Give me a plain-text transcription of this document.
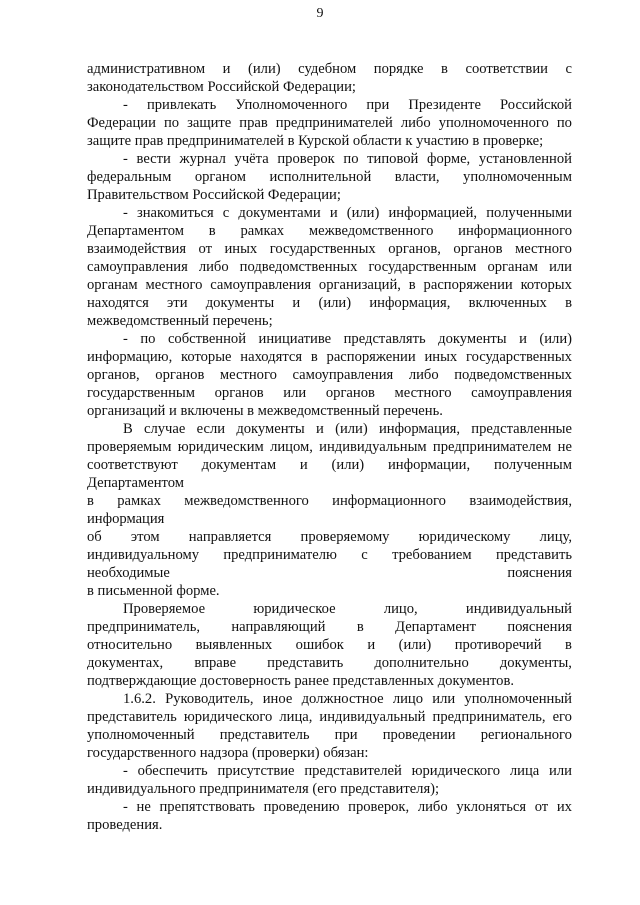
9
административном и (или) судебном порядке в соответствии с
законодательством Российской Федерации;
- привлекать Уполномоченного при Президенте Российской
Федерации по защите прав предпринимателей либо уполномоченного по
защите прав предпринимателей в Курской области к участию в проверке;
- вести журнал учёта проверок по типовой форме, установленной
федеральным органом исполнительной власти, уполномоченным
Правительством Российской Федерации;
- знакомиться с документами и (или) информацией, полученными
Департаментом в рамках межведомственного информационного
взаимодействия от иных государственных органов, органов местного
самоуправления либо подведомственных государственным органам или
органам местного самоуправления организаций, в распоряжении которых
находятся эти документы и (или) информация, включенных в
межведомственный перечень;
- по собственной инициативе представлять документы и (или)
информацию, которые находятся в распоряжении иных государственных
органов, органов местного самоуправления либо подведомственных
государственным органов или органов местного самоуправления
организаций и включены в межведомственный перечень.
В случае если документы и (или) информация, представленные
проверяемым юридическим лицом, индивидуальным предпринимателем не
соответствуют документам и (или) информации, полученным
Департаментом
в рамках межведомственного информационного взаимодействия,
информация
об этом направляется проверяемому юридическому лицу,
индивидуальному предпринимателю с требованием представить
необходимые	пояснения
в письменной форме.
Проверяемое	юридическое	лицо,	индивидуальный
предприниматель, направляющий в Департамент пояснения
относительно выявленных ошибок и (или) противоречий в
документах, вправе представить дополнительно документы,
подтверждающие достоверность ранее представленных документов.
1.6.2. Руководитель, иное должностное лицо или уполномоченный
представитель юридического лица, индивидуальный предприниматель, его
уполномоченный представитель при проведении регионального
государственного надзора (проверки) обязан:
- обеспечить присутствие представителей юридического лица или
индивидуального предпринимателя (его представителя);
- не препятствовать проведению проверок, либо уклоняться от их
проведения.
